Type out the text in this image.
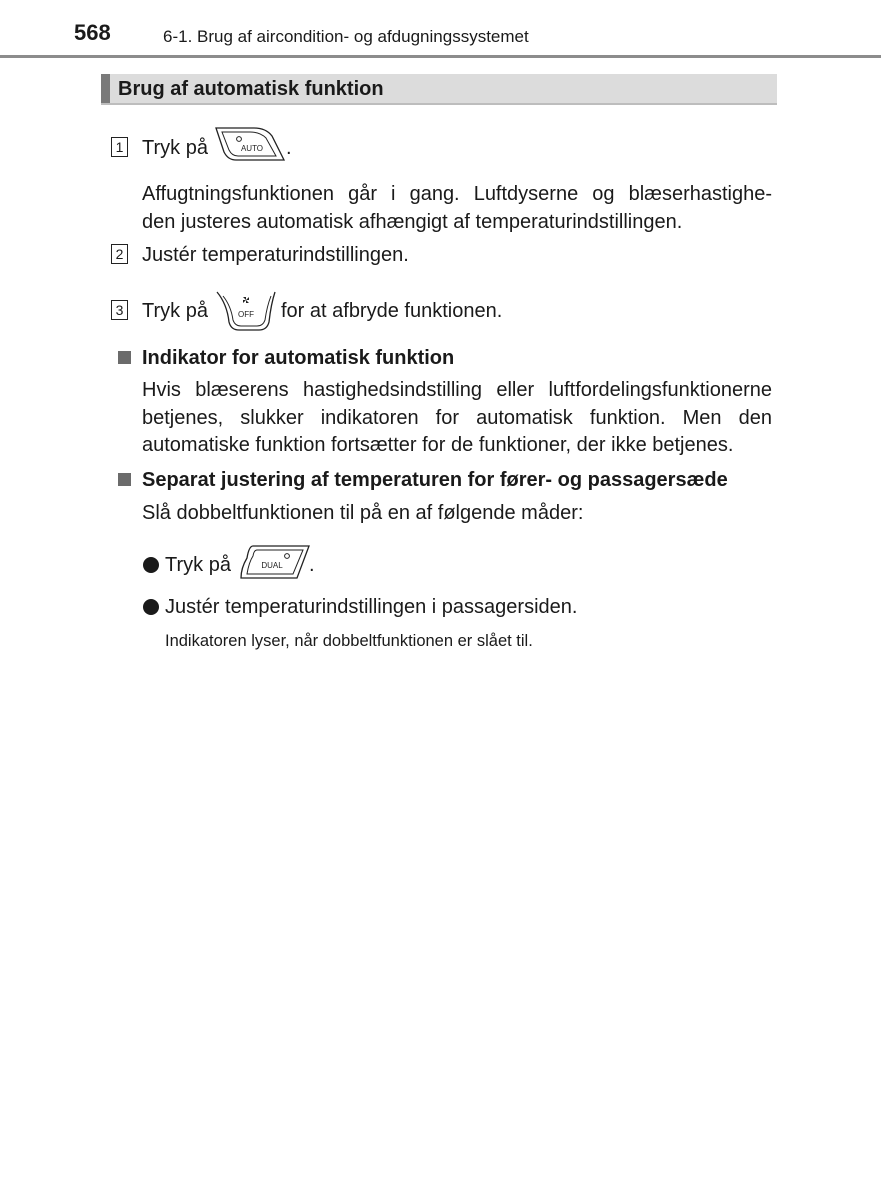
568	6-1. Brug af aircondition- og afdugningssystemet
Brug af automatisk funktion
1 Tryk på	AUTO .
Affugtningsfunktionen går i gang. Luftdyserne og blæserhastighe-
den justeres automatisk afhængigt af temperaturindstillingen.
2 Justér temperaturindstillingen.
3 Tryk på	OFF for at afbryde funktionen.
Indikator for automatisk funktion
Hvis blæserens hastighedsindstilling eller luftfordelingsfunktionerne
betjenes, slukker indikatoren for automatisk funktion. Men den
automatiske funktion fortsætter for de funktioner, der ikke betjenes.
Separat justering af temperaturen for fører- og passagersæde
Slå dobbeltfunktionen til på en af følgende måder:
Tryk på	DUAL .
Justér temperaturindstillingen i passagersiden.
Indikatoren lyser, når dobbeltfunktionen er slået til.
